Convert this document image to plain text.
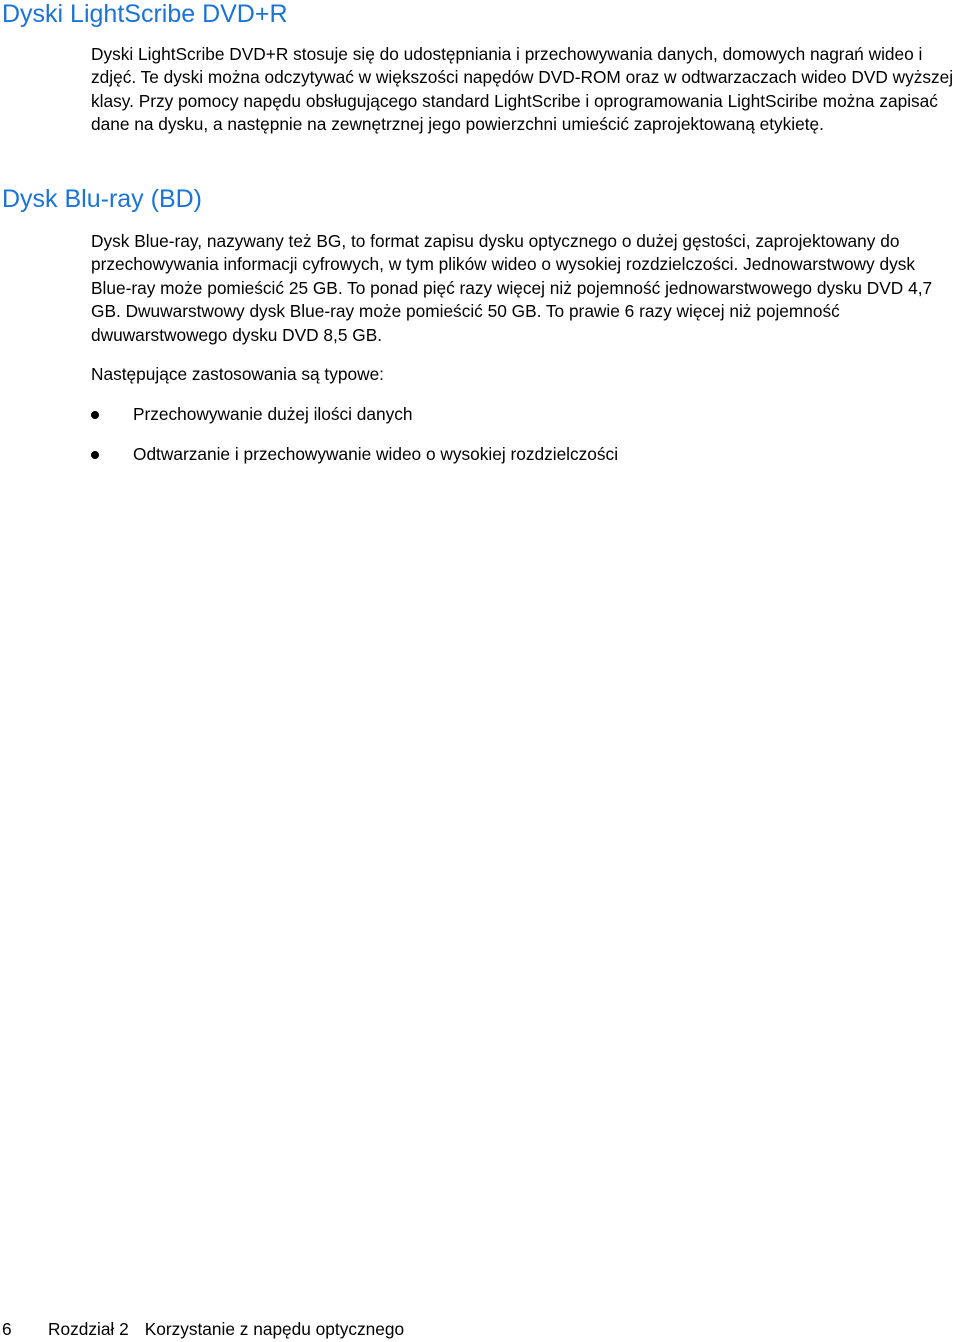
Dyski LightScribe DVD+R

Dyski LightScribe DVD+R stosuje się do udostępniania i przechowywania danych, domowych nagrań wideo i zdjęć. Te dyski można odczytywać w większości napędów DVD-ROM oraz w odtwarzaczach wideo DVD wyższej klasy. Przy pomocy napędu obsługującego standard LightScribe i oprogramowania LightSciribe można zapisać dane na dysku, a następnie na zewnętrznej jego powierzchni umieścić zaprojektowaną etykietę.

Dysk Blu-ray (BD)

Dysk Blue-ray, nazywany też BG, to format zapisu dysku optycznego o dużej gęstości, zaprojektowany do przechowywania informacji cyfrowych, w tym plików wideo o wysokiej rozdzielczości. Jednowarstwowy dysk Blue-ray może pomieścić 25 GB. To ponad pięć razy więcej niż pojemność jednowarstwowego dysku DVD 4,7 GB. Dwuwarstwowy dysk Blue-ray może pomieścić 50 GB. To prawie 6 razy więcej niż pojemność dwuwarstwowego dysku DVD 8,5 GB.

Następujące zastosowania są typowe:

Przechowywanie dużej ilości danych
Odtwarzanie i przechowywanie wideo o wysokiej rozdzielczości
6 Rozdział 2 Korzystanie z napędu optycznego
